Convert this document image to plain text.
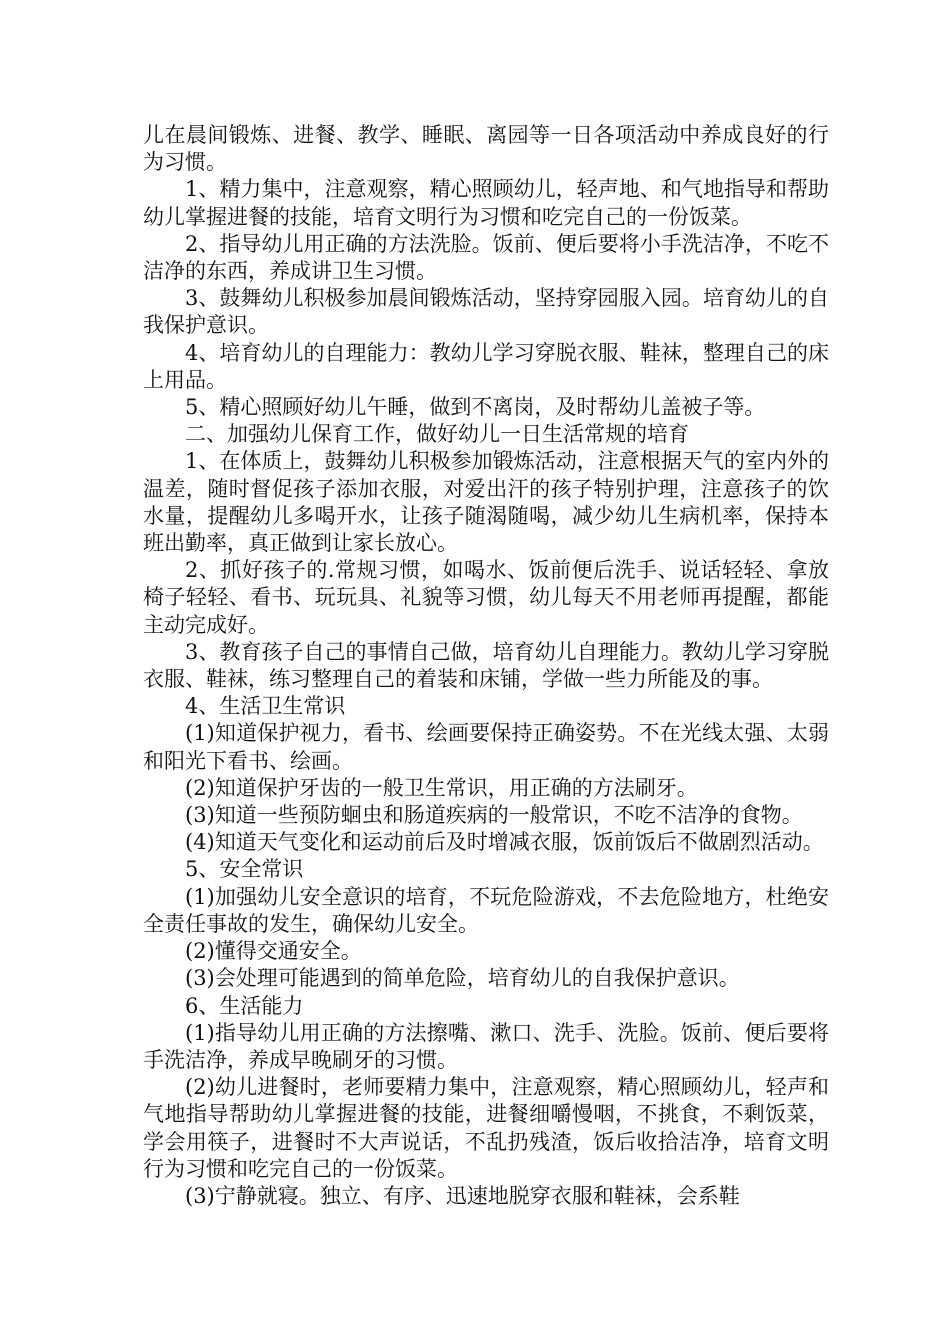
儿在晨间锻炼、进餐、教学、睡眠、离园等一日各项活动中养成良好的行为习惯。

1、精力集中，注意观察，精心照顾幼儿，轻声地、和气地指导和帮助幼儿掌握进餐的技能，培育文明行为习惯和吃完自己的一份饭菜。

2、指导幼儿用正确的方法洗脸。饭前、便后要将小手洗洁净，不吃不洁净的东西，养成讲卫生习惯。

3、鼓舞幼儿积极参加晨间锻炼活动，坚持穿园服入园。培育幼儿的自我保护意识。

4、培育幼儿的自理能力：教幼儿学习穿脱衣服、鞋袜，整理自己的床上用品。

5、精心照顾好幼儿午睡，做到不离岗，及时帮幼儿盖被子等。

二、加强幼儿保育工作，做好幼儿一日生活常规的培育

1、在体质上，鼓舞幼儿积极参加锻炼活动，注意根据天气的室内外的温差，随时督促孩子添加衣服，对爱出汗的孩子特别护理，注意孩子的饮水量，提醒幼儿多喝开水，让孩子随渴随喝，减少幼儿生病机率，保持本班出勤率，真正做到让家长放心。

2、抓好孩子的.常规习惯，如喝水、饭前便后洗手、说话轻轻、拿放椅子轻轻、看书、玩玩具、礼貌等习惯，幼儿每天不用老师再提醒，都能主动完成好。

3、教育孩子自己的事情自己做，培育幼儿自理能力。教幼儿学习穿脱衣服、鞋袜，练习整理自己的着装和床铺，学做一些力所能及的事。

4、生活卫生常识

(1)知道保护视力，看书、绘画要保持正确姿势。不在光线太强、太弱和阳光下看书、绘画。

(2)知道保护牙齿的一般卫生常识，用正确的方法刷牙。

(3)知道一些预防蛔虫和肠道疾病的一般常识，不吃不洁净的食物。

(4)知道天气变化和运动前后及时增减衣服，饭前饭后不做剧烈活动。

5、安全常识

(1)加强幼儿安全意识的培育，不玩危险游戏，不去危险地方，杜绝安全责任事故的发生，确保幼儿安全。

(2)懂得交通安全。

(3)会处理可能遇到的简单危险，培育幼儿的自我保护意识。

6、生活能力

(1)指导幼儿用正确的方法擦嘴、漱口、洗手、洗脸。饭前、便后要将手洗洁净，养成早晚刷牙的习惯。

(2)幼儿进餐时，老师要精力集中，注意观察，精心照顾幼儿，轻声和气地指导帮助幼儿掌握进餐的技能，进餐细嚼慢咽，不挑食，不剩饭菜，学会用筷子，进餐时不大声说话，不乱扔残渣，饭后收拾洁净，培育文明行为习惯和吃完自己的一份饭菜。

(3)宁静就寝。独立、有序、迅速地脱穿衣服和鞋袜，会系鞋
